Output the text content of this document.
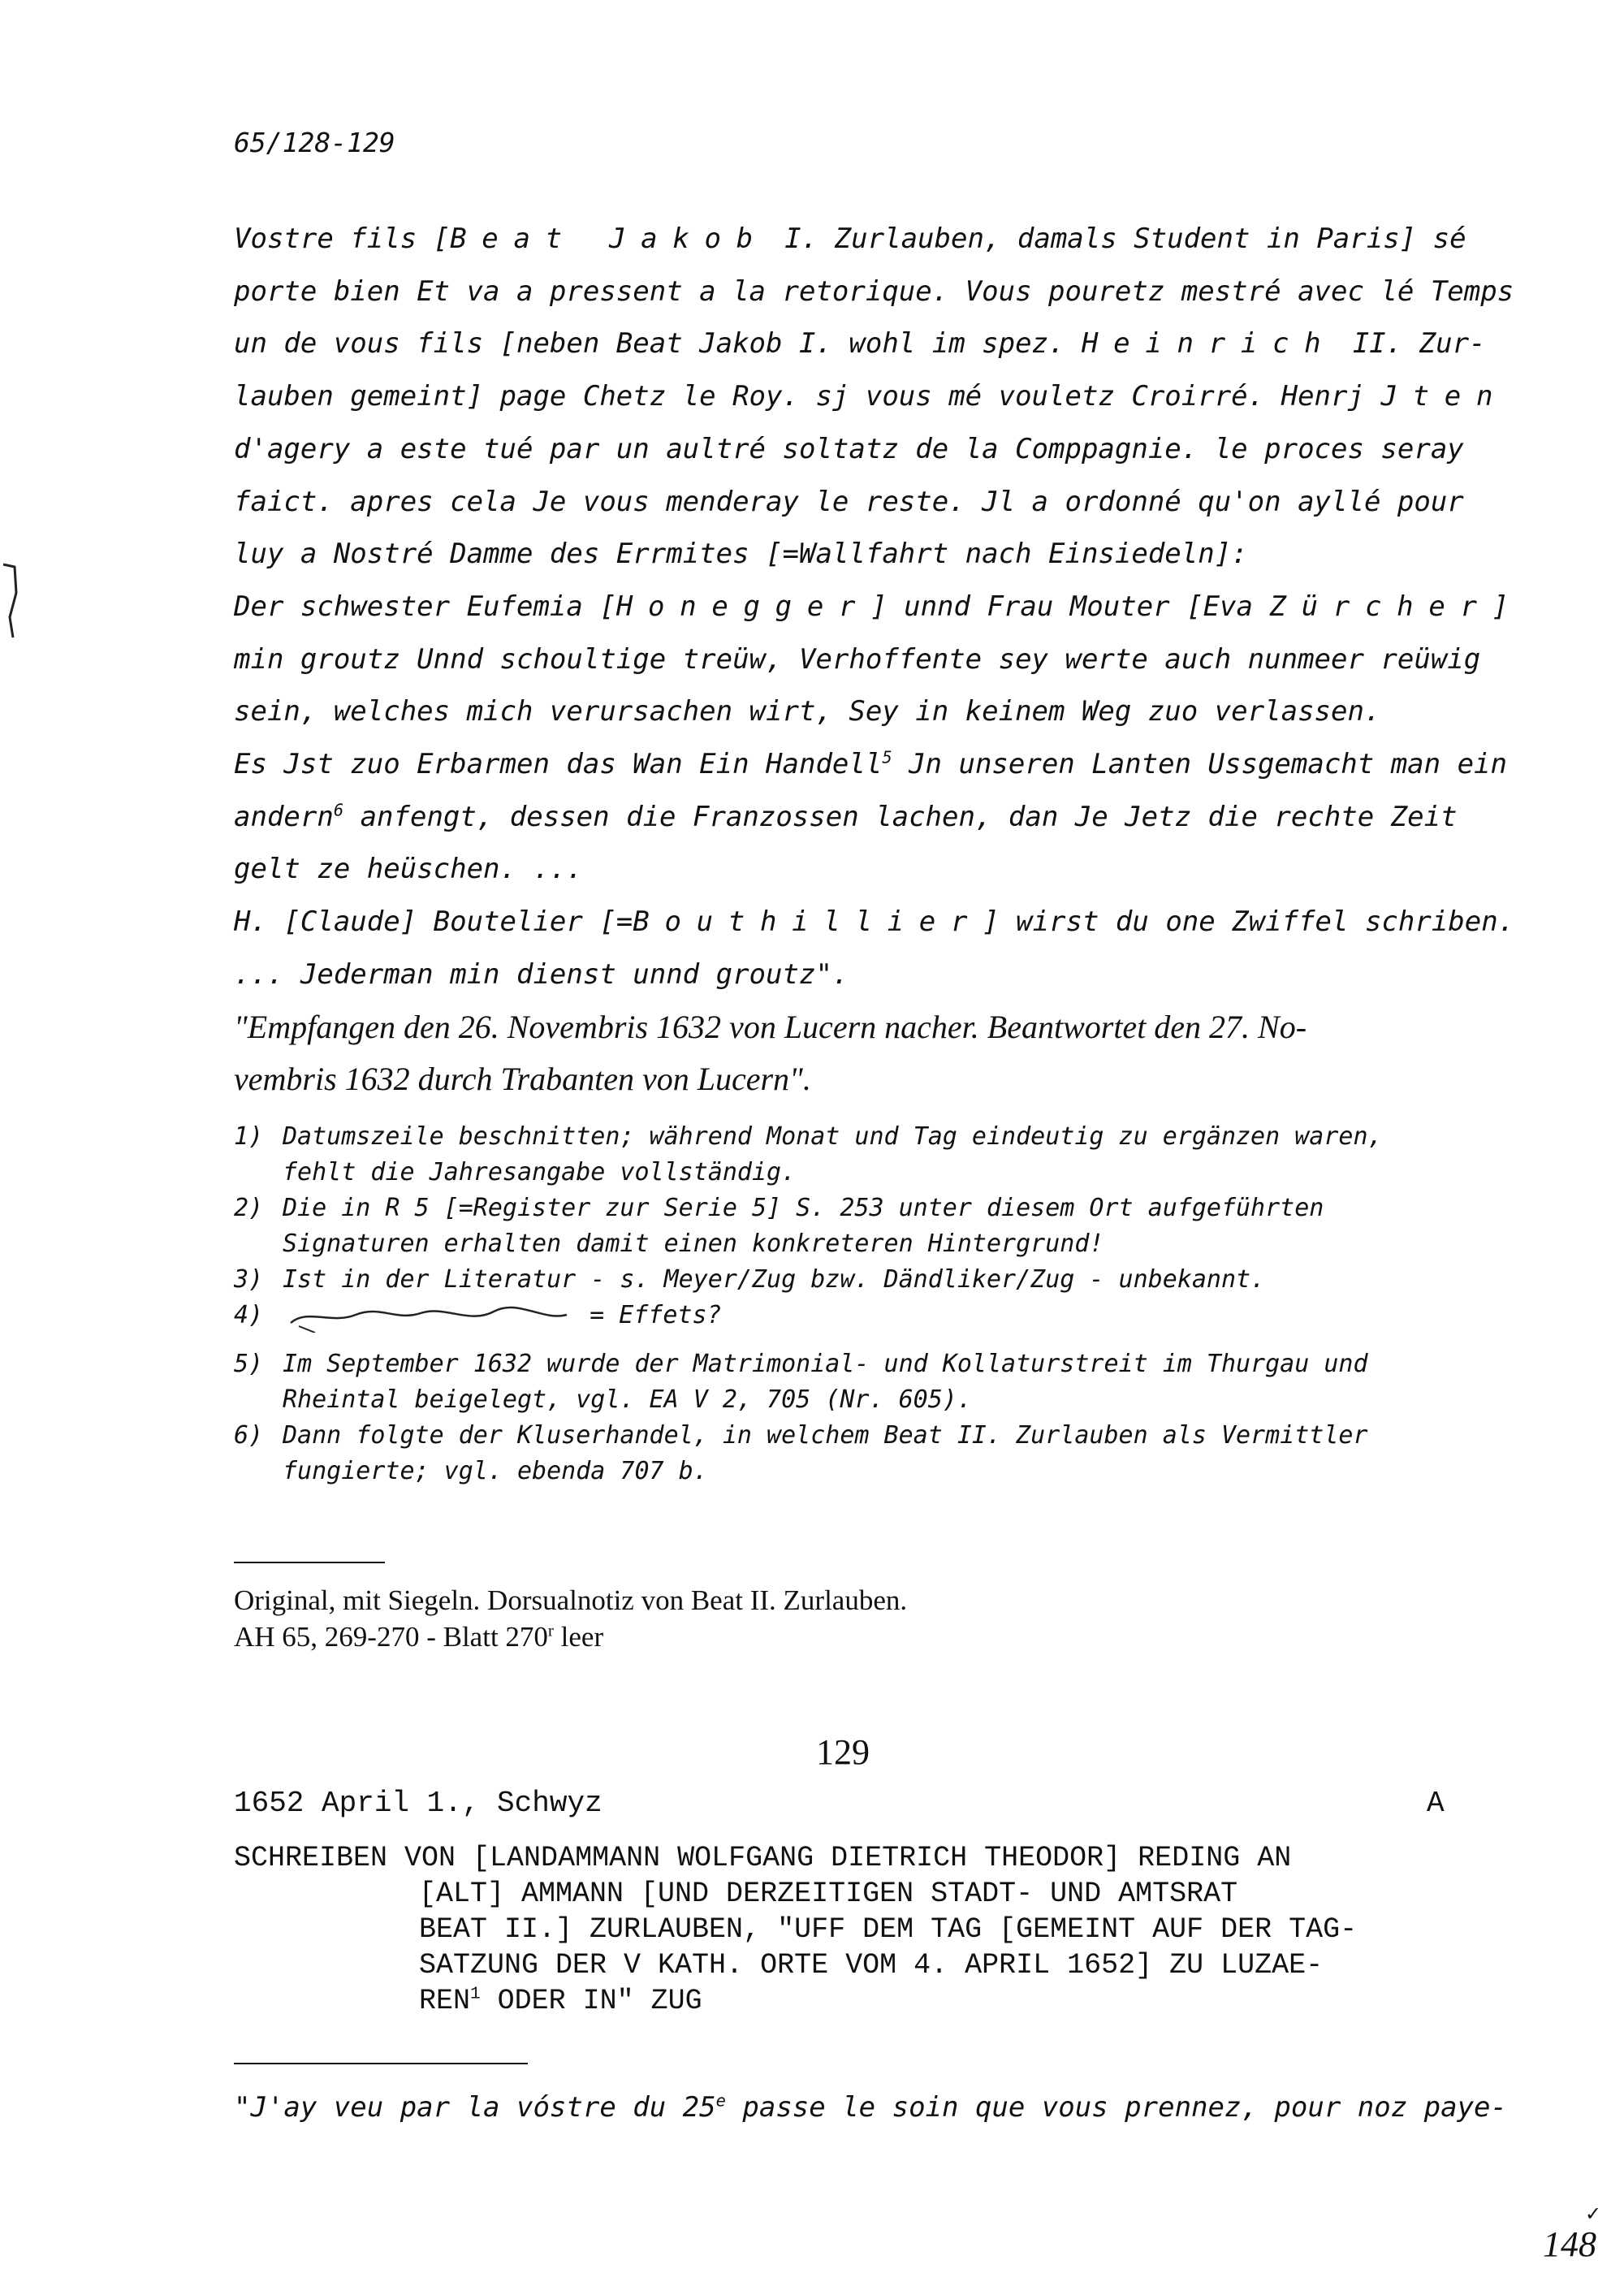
65/128-129

Vostre fils [Beat Jakob I. Zurlauben, damals Student in Paris] sé

porte bien Et va a pressent a la retorique. Vous pouretz mestré avec lé Temps

un de vous fils [neben Beat Jakob I. wohl im spez. Heinrich II. Zur-

lauben gemeint] page Chetz le Roy. sj vous mé vouletz Croirré. Henrj Jten

d'agery a este tué par un aultré soltatz de la Comppagnie. le proces seray

faict. apres cela Je vous menderay le reste. Jl a ordonné qu'on ayllé pour

luy a Nostré Damme des Errmites [=Wallfahrt nach Einsiedeln]:

Der schwester Eufemia [Honegger] unnd Frau Mouter [Eva Zürcher]

min groutz Unnd schoultige treüw, Verhoffente sey werte auch nunmeer reüwig

sein, welches mich verursachen wirt, Sey in keinem Weg zuo verlassen.

Es Jst zuo Erbarmen das Wan Ein Handell$^5$ Jn unseren Lanten Ussgemacht man ein

andern$^6$ anfengt, dessen die Franzossen lachen, dan Je Jetz die rechte Zeit

gelt ze heüschen. ...

H. [Claude] Boutelier [=Bouthillier] wirst du one Zwiffel schriben.

... Jederman min dienst unnd groutz".

"Empfangen den 26. Novembris 1632 von Lucern nacher. Beantwortet den 27. No-

vembris 1632 durch Trabanten von Lucern".

1) Datumszeile beschnitten; während Monat und Tag eindeutig zu ergänzen waren,
fehlt die Jahresangabe vollständig.
2) Die in R 5 [=Register zur Serie 5] S. 253 unter diesem Ort aufgeführten
Signaturen erhalten damit einen konkreteren Hintergrund!
3) Ist in der Literatur - s. Meyer/Zug bzw. Dändliker/Zug - unbekannt.
4)	= Effets?
5) Im September 1632 wurde der Matrimonial- und Kollaturstreit im Thurgau und
Rheintal beigelegt, vgl. EA V 2, 705 (Nr. 605).
6) Dann folgte der Kluserhandel, in welchem Beat II. Zurlauben als Vermittler
fungierte; vgl. ebenda 707 b.
Original, mit Siegeln. Dorsualnotiz von Beat II. Zurlauben.
AH 65, 269-270 - Blatt 270$^r$ leer
129
1652 April 1., Schwyz	A
SCHREIBEN VON [LANDAMMANN WOLFGANG DIETRICH THEODOR] REDING AN
[ALT] AMMANN [UND DERZEITIGEN STADT- UND AMTSRAT
BEAT II.] ZURLAUBEN, "UFF DEM TAG [GEMEINT AUF DER TAG-
SATZUNG DER V KATH. ORTE VOM 4. APRIL 1652] ZU LUZAE-
REN$^1$ ODER IN" ZUG
"J'ay veu par la vóstre du 25e passe le soin que vous prennez, pour noz paye-
✓
148
